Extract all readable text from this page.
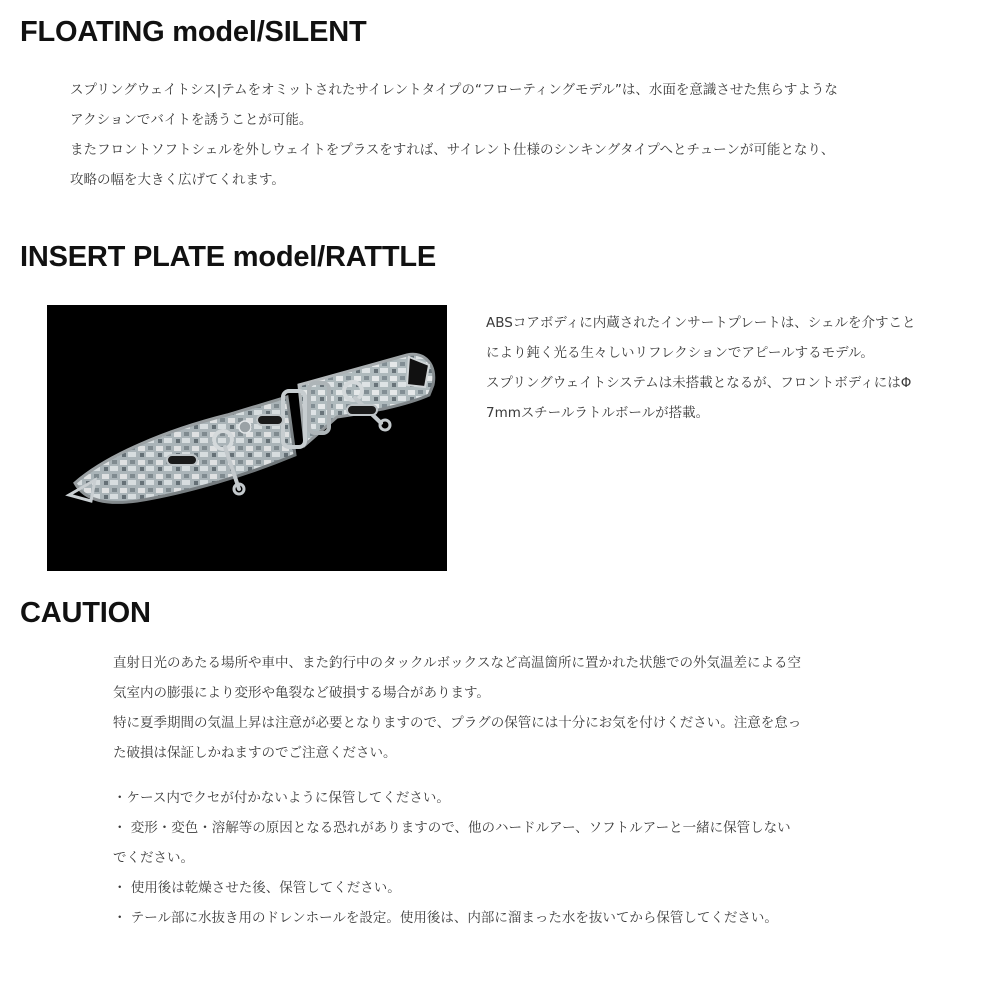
FLOATING model/SILENT
スプリングウェイトシス|テムをオミットされたサイレントタイプの“フローティングモデル”は、水面を意識させた焦らすような
アクションでバイトを誘うことが可能。
またフロントソフトシェルを外しウェイトをプラスをすれば、サイレント仕様のシンキングタイプへとチューンが可能となり、
攻略の幅を大きく広げてくれます。
INSERT PLATE model/RATTLE
ABSコアボディに内蔵されたインサートプレートは、シェルを介すこと
により鈍く光る生々しいリフレクションでアピールするモデル。
スプリングウェイトシステムは未搭載となるが、フロントボディにはΦ
7mmスチールラトルボールが搭載。
CAUTION
直射日光のあたる場所や車中、また釣行中のタックルボックスなど高温箇所に置かれた状態での外気温差による空
気室内の膨張により変形や亀裂など破損する場合があります。
特に夏季期間の気温上昇は注意が必要となりますので、プラグの保管には十分にお気を付けください。注意を怠っ
た破損は保証しかねますのでご注意ください。
・ケース内でクセが付かないように保管してください。
・ 変形・変色・溶解等の原因となる恐れがありますので、他のハードルアー、ソフトルアーと一緒に保管しない
でください。
・ 使用後は乾燥させた後、保管してください。
・ テール部に水抜き用のドレンホールを設定。使用後は、内部に溜まった水を抜いてから保管してください。
